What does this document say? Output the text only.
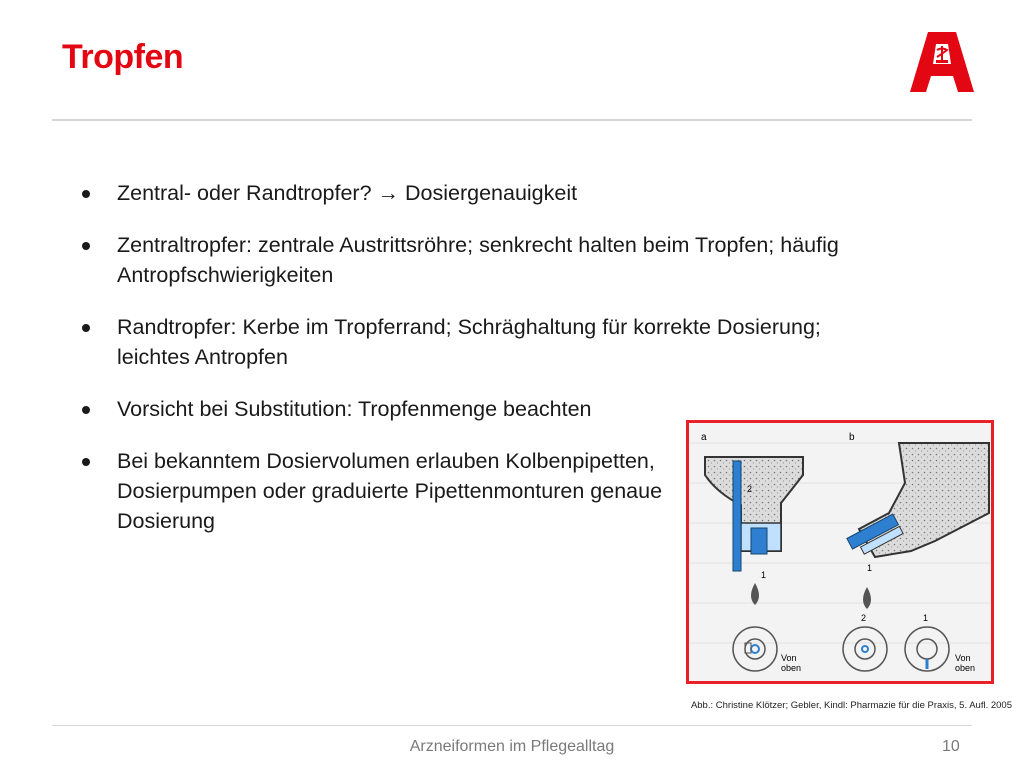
Tropfen
Zentral- oder Randtropfer? → Dosiergenauigkeit
Zentraltropfer: zentrale Austrittsröhre; senkrecht halten beim Tropfen; häufig Antropfschwierigkeiten
Randtropfer: Kerbe im Tropferrand; Schräghaltung für korrekte Dosierung; leichtes Antropfen
Vorsicht bei Substitution: Tropfenmenge beachten
Bei bekanntem Dosiervolumen erlauben Kolbenpipetten, Dosierpumpen oder graduierte Pipettenmonturen genaue Dosierung
a	b
2
1
1
Von
oben
2	1
Von
oben
Abb.: Christine Klötzer; Gebler, Kindl: Pharmazie für die Praxis, 5. Aufl. 2005
Arzneiformen im Pflegealltag	10
